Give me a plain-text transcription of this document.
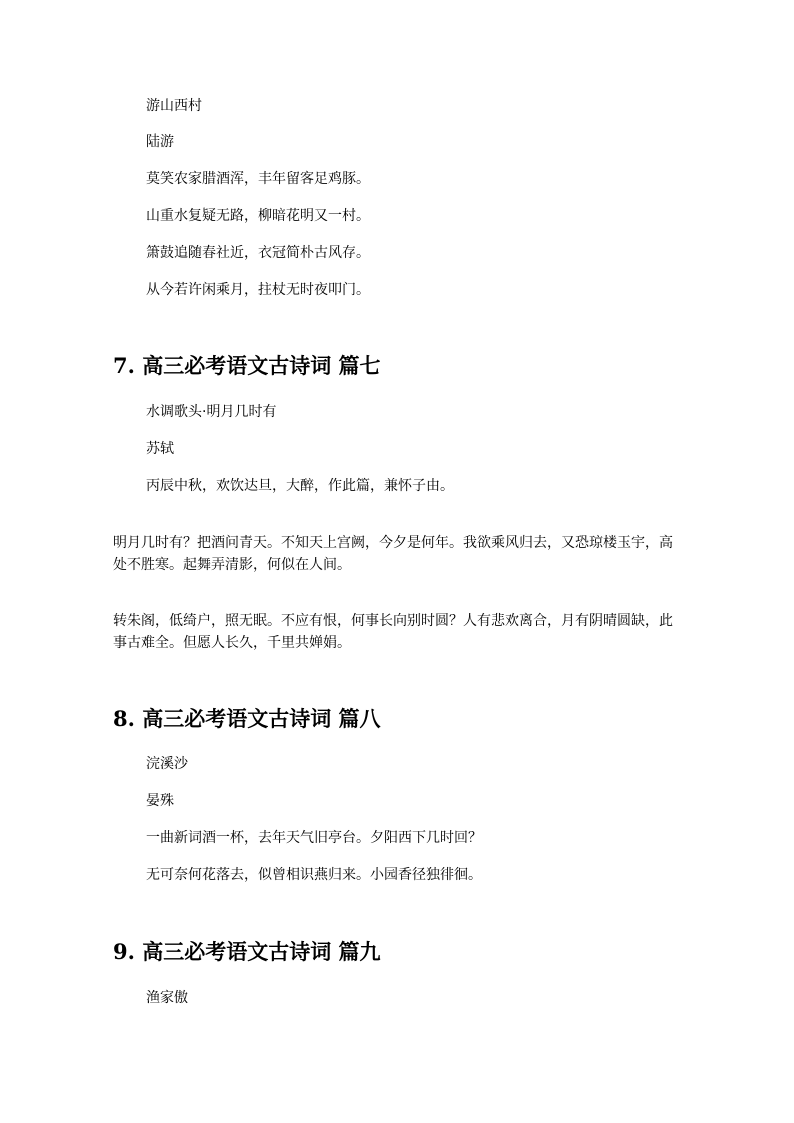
游山西村
陆游
莫笑农家腊酒浑，丰年留客足鸡豚。
山重水复疑无路，柳暗花明又一村。
箫鼓追随春社近，衣冠简朴古风存。
从今若许闲乘月，拄杖无时夜叩门。
7. 高三必考语文古诗词 篇七
水调歌头·明月几时有
苏轼
丙辰中秋，欢饮达旦，大醉，作此篇，兼怀子由。
明月几时有？把酒问青天。不知天上宫阙，今夕是何年。我欲乘风归去，又恐琼楼玉宇，高处不胜寒。起舞弄清影，何似在人间。
转朱阁，低绮户，照无眠。不应有恨，何事长向别时圆？人有悲欢离合，月有阴晴圆缺，此事古难全。但愿人长久，千里共婵娟。
8. 高三必考语文古诗词 篇八
浣溪沙
晏殊
一曲新词酒一杯，去年天气旧亭台。夕阳西下几时回？
无可奈何花落去，似曾相识燕归来。小园香径独徘徊。
9. 高三必考语文古诗词 篇九
渔家傲
